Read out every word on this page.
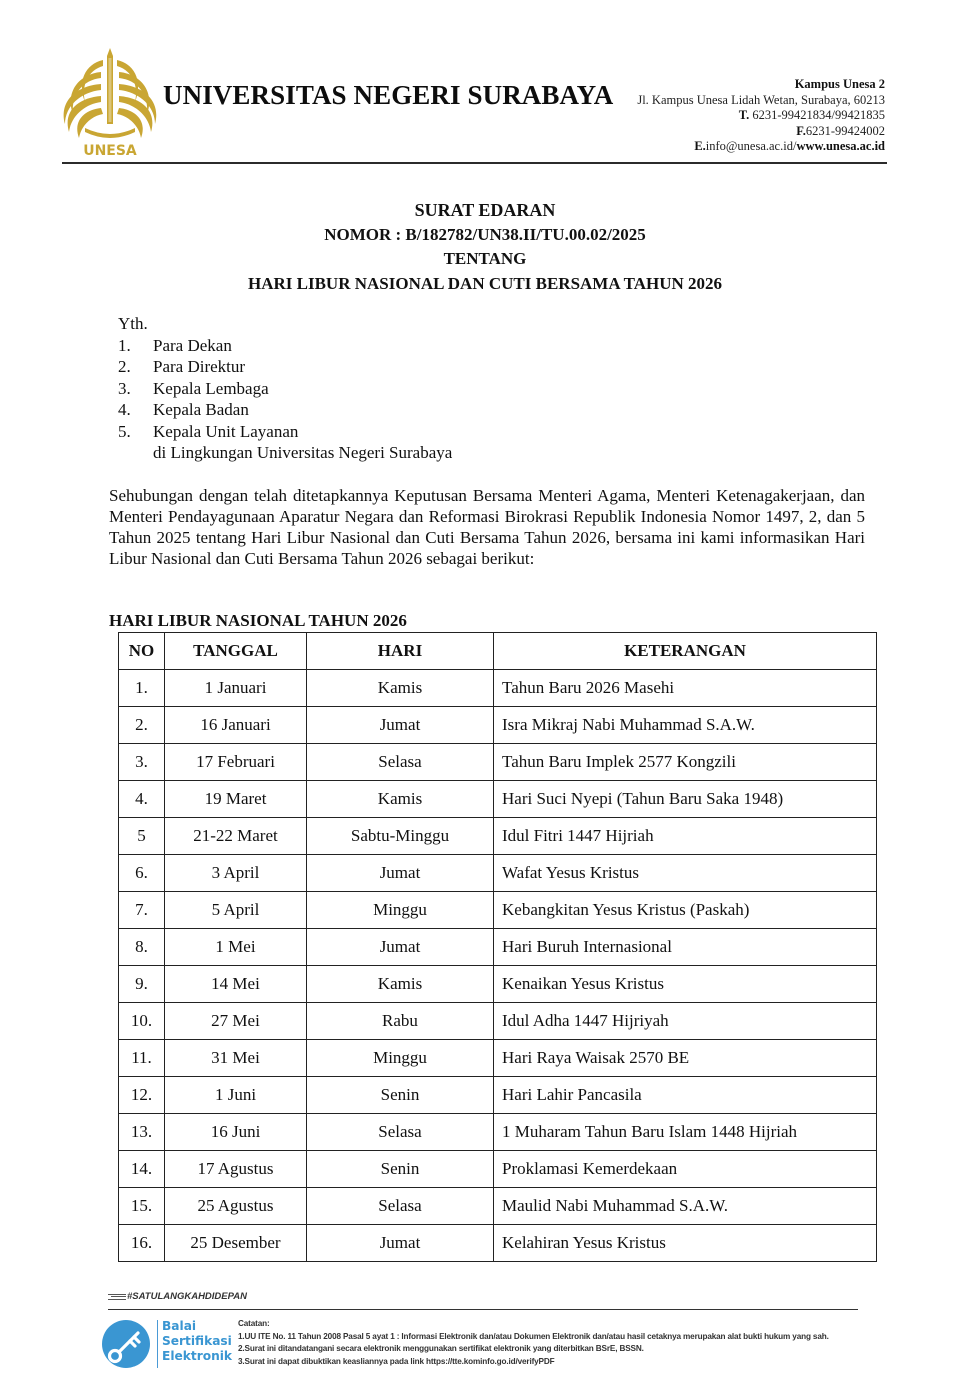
UNESA
UNIVERSITAS NEGERI SURABAYA	Kampus Unesa 2
Jl. Kampus Unesa Lidah Wetan, Surabaya, 60213
T. 6231-99421834/99421835
F.6231-99424002
E.info@unesa.ac.id/www.unesa.ac.id
SURAT EDARAN
NOMOR : B/182782/UN38.II/TU.00.02/2025
TENTANG
HARI LIBUR NASIONAL DAN CUTI BERSAMA TAHUN 2026
Yth.
1.	Para Dekan
2.	Para Direktur
3.	Kepala Lembaga
4.	Kepala Badan
5.	Kepala Unit Layanan
di Lingkungan Universitas Negeri Surabaya

Sehubungan dengan telah ditetapkannya Keputusan Bersama Menteri Agama, Menteri Ketenagakerjaan, dan Menteri Pendayagunaan Aparatur Negara dan Reformasi Birokrasi Republik Indonesia Nomor 1497, 2, dan 5 Tahun 2025 tentang Hari Libur Nasional dan Cuti Bersama Tahun 2026, bersama ini kami informasikan Hari Libur Nasional dan Cuti Bersama Tahun 2026 sebagai berikut:

HARI LIBUR NASIONAL TAHUN 2026
NO	TANGGAL	HARI	KETERANGAN
1.	1 Januari	Kamis	Tahun Baru 2026 Masehi
2.	16 Januari	Jumat	Isra Mikraj Nabi Muhammad S.A.W.
3.	17 Februari	Selasa	Tahun Baru Implek 2577 Kongzili
4.	19 Maret	Kamis	Hari Suci Nyepi (Tahun Baru Saka 1948)
5	21-22 Maret	Sabtu-Minggu	Idul Fitri 1447 Hijriah
6.	3 April	Jumat	Wafat Yesus Kristus
7.	5 April	Minggu	Kebangkitan Yesus Kristus (Paskah)
8.	1 Mei	Jumat	Hari Buruh Internasional
9.	14 Mei	Kamis	Kenaikan Yesus Kristus
10.	27 Mei	Rabu	Idul Adha 1447 Hijriyah
11.	31 Mei	Minggu	Hari Raya Waisak 2570 BE
12.	1 Juni	Senin	Hari Lahir Pancasila
13.	16 Juni	Selasa	1 Muharam Tahun Baru Islam 1448 Hijriah
14.	17 Agustus	Senin	Proklamasi Kemerdekaan
15.	25 Agustus	Selasa	Maulid Nabi Muhammad S.A.W.
16.	25 Desember	Jumat	Kelahiran Yesus Kristus
#SATULANGKAHDIDEPAN
Balai
Sertifikasi
Elektronik
Catatan:
1.UU ITE No. 11 Tahun 2008 Pasal 5 ayat 1 : Informasi Elektronik dan/atau Dokumen Elektronik dan/atau hasil cetaknya merupakan alat bukti hukum yang sah.
2.Surat ini ditandatangani secara elektronik menggunakan sertifikat elektronik yang diterbitkan BSrE, BSSN.
3.Surat ini dapat dibuktikan keasliannya pada link https://tte.kominfo.go.id/verifyPDF
